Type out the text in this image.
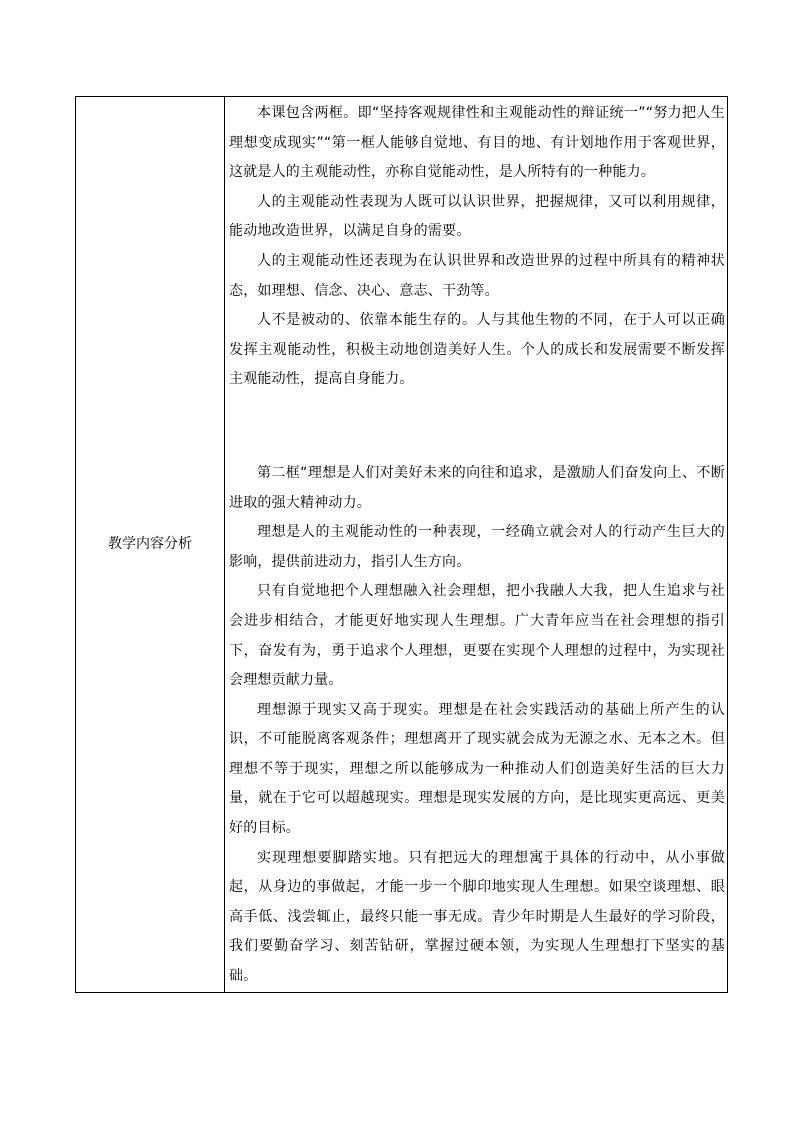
教学内容分析	

本课包含两框。即“坚持客观规律性和主观能动性的辩证统一”“努力把人生理想变成现实”“第一框人能够自觉地、有目的地、有计划地作用于客观世界，这就是人的主观能动性，亦称自觉能动性，是人所特有的一种能力。

人的主观能动性表现为人既可以认识世界，把握规律，又可以利用规律，能动地改造世界，以满足自身的需要。

人的主观能动性还表现为在认识世界和改造世界的过程中所具有的精神状态，如理想、信念、决心、意志、干劲等。

人不是被动的、依靠本能生存的。人与其他生物的不同，在于人可以正确发挥主观能动性，积极主动地创造美好人生。个人的成长和发展需要不断发挥主观能动性，提高自身能力。

第二框“理想是人们对美好未来的向往和追求，是激励人们奋发向上、不断进取的强大精神动力。

理想是人的主观能动性的一种表现，一经确立就会对人的行动产生巨大的影响，提供前进动力，指引人生方向。

只有自觉地把个人理想融入社会理想，把小我融人大我，把人生追求与社会进步相结合，才能更好地实现人生理想。广大青年应当在社会理想的指引下，奋发有为，勇于追求个人理想，更要在实现个人理想的过程中，为实现社会理想贡献力量。

理想源于现实又高于现实。理想是在社会实践活动的基础上所产生的认识，不可能脱离客观条件；理想离开了现实就会成为无源之水、无本之木。但理想不等于现实，理想之所以能够成为一种推动人们创造美好生活的巨大力量，就在于它可以超越现实。理想是现实发展的方向，是比现实更高远、更美好的目标。

实现理想要脚踏实地。只有把远大的理想寓于具体的行动中，从小事做起，从身边的事做起，才能一步一个脚印地实现人生理想。如果空谈理想、眼高手低、浅尝辄止，最终只能一事无成。青少年时期是人生最好的学习阶段，我们要勤奋学习、刻苦钻研，掌握过硬本领，为实现人生理想打下坚实的基础。
